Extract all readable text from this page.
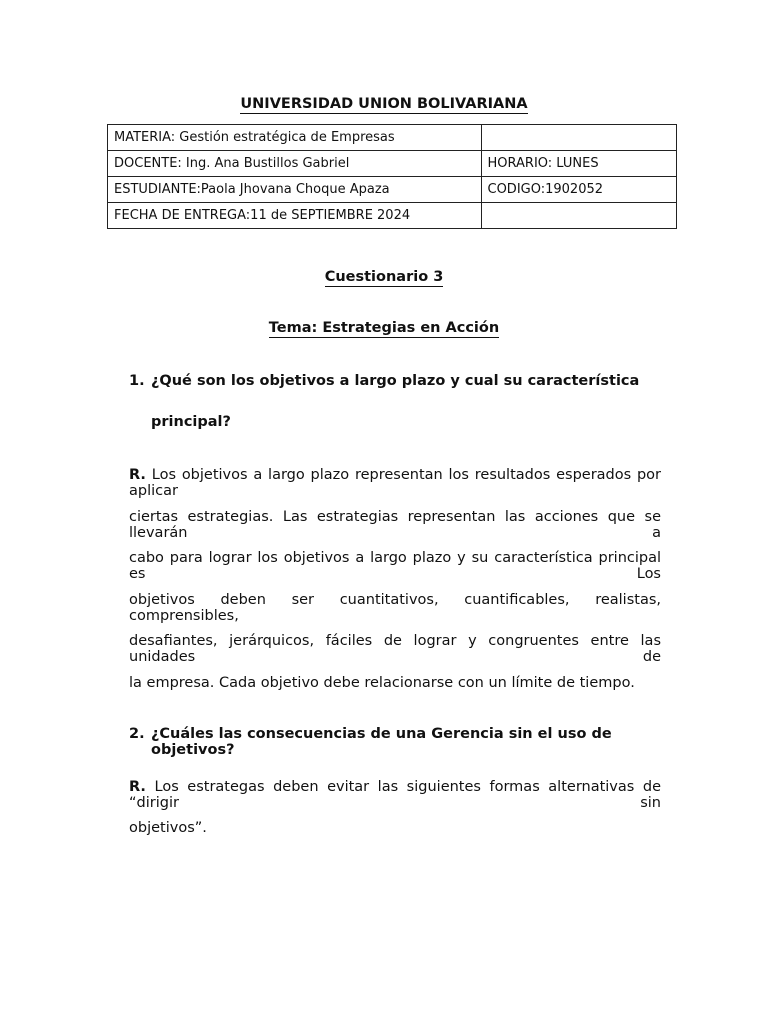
UNIVERSIDAD UNION BOLIVARIANA
MATERIA: Gestión estratégica de Empresas	
DOCENTE: Ing. Ana Bustillos Gabriel	HORARIO: LUNES
ESTUDIANTE:Paola Jhovana Choque Apaza	CODIGO:1902052
FECHA DE ENTREGA:11 de SEPTIEMBRE 2024	
Cuestionario 3
Tema: Estrategias en Acción
1. ¿Qué son los objetivos a largo plazo y cual su característica
principal?
R. Los objetivos a largo plazo representan los resultados esperados por aplicar
ciertas estrategias. Las estrategias representan las acciones que se llevarán a
cabo para lograr los objetivos a largo plazo y su característica principal es Los
objetivos deben ser cuantitativos, cuantificables, realistas, comprensibles,
desafiantes, jerárquicos, fáciles de lograr y congruentes entre las unidades de
la empresa. Cada objetivo debe relacionarse con un límite de tiempo.
2. ¿Cuáles las consecuencias de una Gerencia sin el uso de objetivos?
R. Los estrategas deben evitar las siguientes formas alternativas de “dirigir sin
objetivos”.
